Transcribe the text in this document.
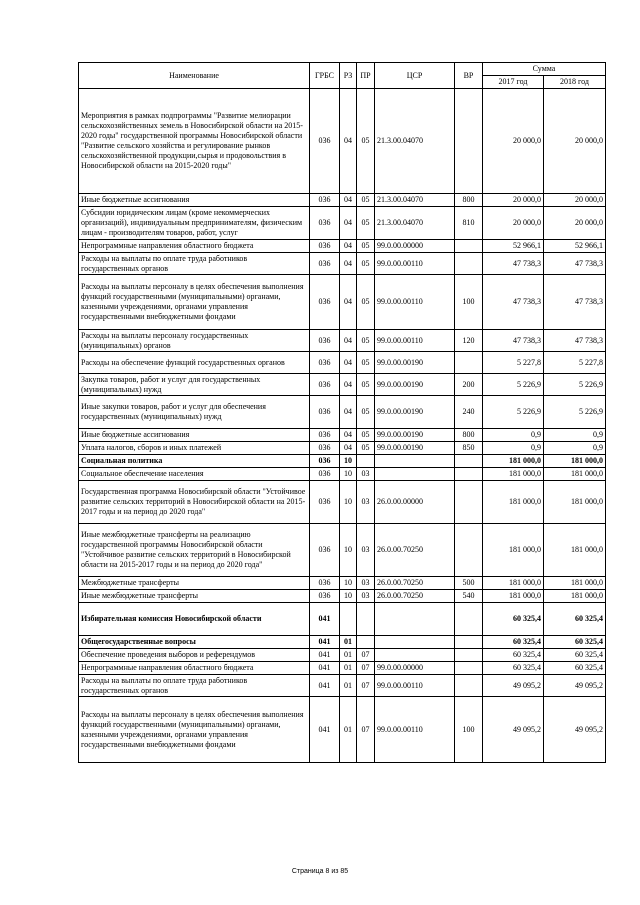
Наименование	ГРБС	РЗ	ПР	ЦСР	ВР	Сумма	
						2017 год	2018 год
Мероприятия в рамках подпрограммы "Развитие мелиорации сельскохозяйственных земель в Новосибирской области на 2015-2020 годы" государственной программы Новосибирской области "Развитие сельского хозяйства и регулирование рынков сельскохозяйственной продукции,сырья и продовольствия в Новосибирской области на 2015-2020 годы"	036	04	05	21.3.00.04070		20 000,0	20 000,0
Иные бюджетные ассигнования	036	04	05	21.3.00.04070	800	20 000,0	20 000,0
Субсидии юридическим лицам (кроме некоммерческих организаций), индивидуальным предпринимателям, физическим лицам - производителям товаров, работ, услуг	036	04	05	21.3.00.04070	810	20 000,0	20 000,0
Непрограммные направления областного бюджета	036	04	05	99.0.00.00000		52 966,1	52 966,1
Расходы на выплаты по оплате труда работников государственных органов	036	04	05	99.0.00.00110		47 738,3	47 738,3
Расходы на выплаты персоналу в целях обеспечения выполнения функций государственными (муниципальными) органами, казенными учреждениями, органами управления государственными внебюджетными фондами	036	04	05	99.0.00.00110	100	47 738,3	47 738,3
Расходы на выплаты персоналу государственных (муниципальных) органов	036	04	05	99.0.00.00110	120	47 738,3	47 738,3
Расходы на обеспечение функций государственных органов	036	04	05	99.0.00.00190		5 227,8	5 227,8
Закупка товаров, работ и услуг для государственных (муниципальных) нужд	036	04	05	99.0.00.00190	200	5 226,9	5 226,9
Иные закупки товаров, работ и услуг для обеспечения государственных (муниципальных) нужд	036	04	05	99.0.00.00190	240	5 226,9	5 226,9
Иные бюджетные ассигнования	036	04	05	99.0.00.00190	800	0,9	0,9
Уплата налогов, сборов и иных платежей	036	04	05	99.0.00.00190	850	0,9	0,9
Социальная политика	036	10				181 000,0	181 000,0
Социальное обеспечение населения	036	10	03			181 000,0	181 000,0
Государственная программа Новосибирской области "Устойчивое развитие сельских территорий в Новосибирской области на 2015-2017 годы и на период до 2020 года"	036	10	03	26.0.00.00000		181 000,0	181 000,0
Иные межбюджетные трансферты на реализацию государственной программы Новосибирской области "Устойчивое развитие сельских территорий в Новосибирской области на 2015-2017 годы и на период до 2020 года"	036	10	03	26.0.00.70250		181 000,0	181 000,0
Межбюджетные трансферты	036	10	03	26.0.00.70250	500	181 000,0	181 000,0
Иные межбюджетные трансферты	036	10	03	26.0.00.70250	540	181 000,0	181 000,0
Избирательная комиссия Новосибирской области	041					60 325,4	60 325,4
Общегосударственные вопросы	041	01				60 325,4	60 325,4
Обеспечение проведения выборов и референдумов	041	01	07			60 325,4	60 325,4
Непрограммные направления областного бюджета	041	01	07	99.0.00.00000		60 325,4	60 325,4
Расходы на выплаты по оплате труда работников государственных органов	041	01	07	99.0.00.00110		49 095,2	49 095,2
Расходы на выплаты персоналу в целях обеспечения выполнения функций государственными (муниципальными) органами, казенными учреждениями, органами управления государственными внебюджетными фондами	041	01	07	99.0.00.00110	100	49 095,2	49 095,2
Страница 8 из 85
